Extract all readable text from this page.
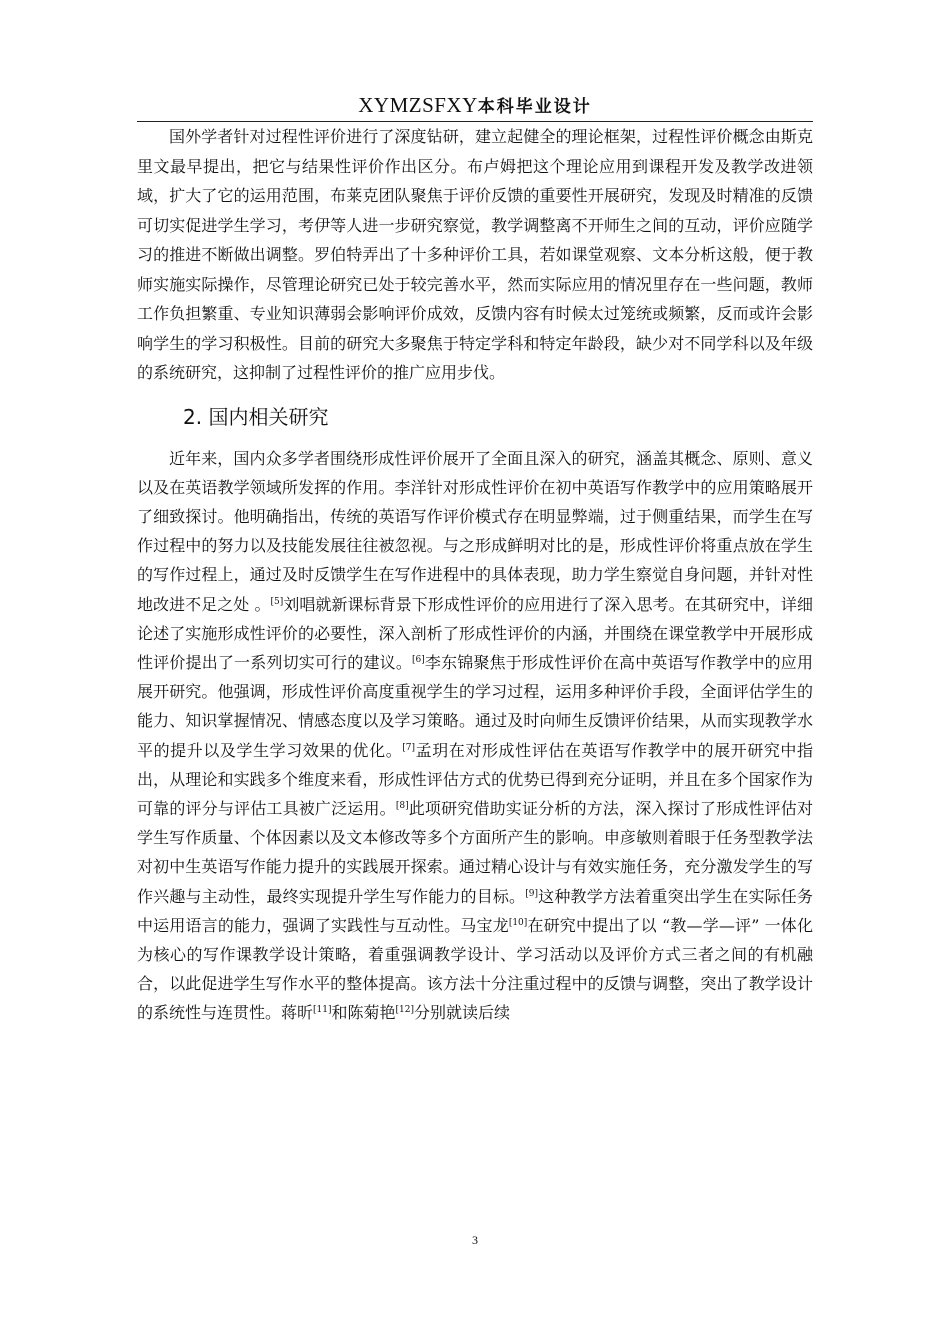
XYMZSFXY本科毕业设计

国外学者针对过程性评价进行了深度钻研，建立起健全的理论框架，过程性评价概念由斯克里文最早提出，把它与结果性评价作出区分。布卢姆把这个理论应用到课程开发及教学改进领域，扩大了它的运用范围，布莱克团队聚焦于评价反馈的重要性开展研究，发现及时精准的反馈可切实促进学生学习，考伊等人进一步研究察觉，教学调整离不开师生之间的互动，评价应随学习的推进不断做出调整。罗伯特弄出了十多种评价工具，若如课堂观察、文本分析这般，便于教师实施实际操作，尽管理论研究已处于较完善水平，然而实际应用的情况里存在一些问题，教师工作负担繁重、专业知识薄弱会影响评价成效，反馈内容有时候太过笼统或频繁，反而或许会影响学生的学习积极性。目前的研究大多聚焦于特定学科和特定年龄段，缺少对不同学科以及年级的系统研究，这抑制了过程性评价的推广应用步伐。

2. 国内相关研究

近年来，国内众多学者围绕形成性评价展开了全面且深入的研究，涵盖其概念、原则、意义以及在英语教学领域所发挥的作用。李洋针对形成性评价在初中英语写作教学中的应用策略展开了细致探讨。他明确指出，传统的英语写作评价模式存在明显弊端，过于侧重结果，而学生在写作过程中的努力以及技能发展往往被忽视。与之形成鲜明对比的是，形成性评价将重点放在学生的写作过程上，通过及时反馈学生在写作进程中的具体表现，助力学生察觉自身问题，并针对性地改进不足之处 。[5]刘唱就新课标背景下形成性评价的应用进行了深入思考。在其研究中，详细论述了实施形成性评价的必要性，深入剖析了形成性评价的内涵，并围绕在课堂教学中开展形成性评价提出了一系列切实可行的建议。[6]李东锦聚焦于形成性评价在高中英语写作教学中的应用展开研究。他强调，形成性评价高度重视学生的学习过程，运用多种评价手段，全面评估学生的能力、知识掌握情况、情感态度以及学习策略。通过及时向师生反馈评价结果，从而实现教学水平的提升以及学生学习效果的优化。[7]孟玥在对形成性评估在英语写作教学中的展开研究中指出，从理论和实践多个维度来看，形成性评估方式的优势已得到充分证明，并且在多个国家作为可靠的评分与评估工具被广泛运用。[8]此项研究借助实证分析的方法，深入探讨了形成性评估对学生写作质量、个体因素以及文本修改等多个方面所产生的影响。申彦敏则着眼于任务型教学法对初中生英语写作能力提升的实践展开探索。通过精心设计与有效实施任务，充分激发学生的写作兴趣与主动性，最终实现提升学生写作能力的目标。[9]这种教学方法着重突出学生在实际任务中运用语言的能力，强调了实践性与互动性。马宝龙[10]在研究中提出了以 “教—学—评” 一体化为核心的写作课教学设计策略，着重强调教学设计、学习活动以及评价方式三者之间的有机融合，以此促进学生写作水平的整体提高。该方法十分注重过程中的反馈与调整，突出了教学设计的系统性与连贯性。蒋昕[11]和陈菊艳[12]分别就读后续

3
